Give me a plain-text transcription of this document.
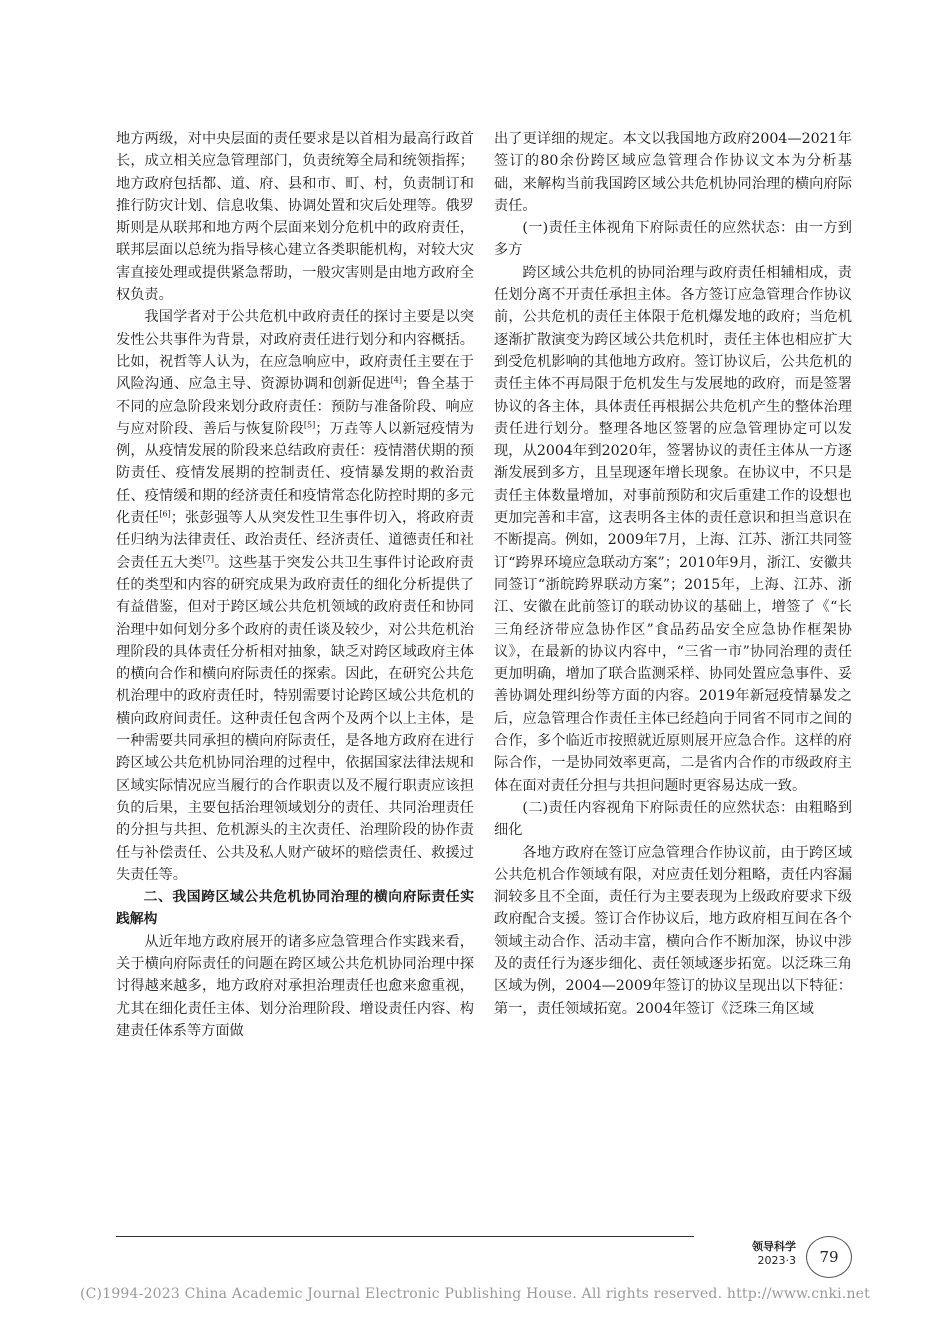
地方两级，对中央层面的责任要求是以首相为最高行政首长，成立相关应急管理部门，负责统筹全局和统领指挥；地方政府包括都、道、府、县和市、町、村，负责制订和推行防灾计划、信息收集、协调处置和灾后处理等。俄罗斯则是从联邦和地方两个层面来划分危机中的政府责任，联邦层面以总统为指导核心建立各类职能机构，对较大灾害直接处理或提供紧急帮助，一般灾害则是由地方政府全权负责。

我国学者对于公共危机中政府责任的探讨主要是以突发性公共事件为背景，对政府责任进行划分和内容概括。比如，祝哲等人认为，在应急响应中，政府责任主要在于风险沟通、应急主导、资源协调和创新促进[4]；鲁全基于不同的应急阶段来划分政府责任：预防与准备阶段、响应与应对阶段、善后与恢复阶段[5]；万垚等人以新冠疫情为例，从疫情发展的阶段来总结政府责任：疫情潜伏期的预防责任、疫情发展期的控制责任、疫情暴发期的救治责任、疫情缓和期的经济责任和疫情常态化防控时期的多元化责任[6]；张彭强等人从突发性卫生事件切入，将政府责任归纳为法律责任、政治责任、经济责任、道德责任和社会责任五大类[7]。这些基于突发公共卫生事件讨论政府责任的类型和内容的研究成果为政府责任的细化分析提供了有益借鉴，但对于跨区域公共危机领域的政府责任和协同治理中如何划分多个政府的责任谈及较少，对公共危机治理阶段的具体责任分析相对抽象，缺乏对跨区域政府主体的横向合作和横向府际责任的探索。因此，在研究公共危机治理中的政府责任时，特别需要讨论跨区域公共危机的横向政府间责任。这种责任包含两个及两个以上主体，是一种需要共同承担的横向府际责任，是各地方政府在进行跨区域公共危机协同治理的过程中，依据国家法律法规和区域实际情况应当履行的合作职责以及不履行职责应该担负的后果，主要包括治理领域划分的责任、共同治理责任的分担与共担、危机源头的主次责任、治理阶段的协作责任与补偿责任、公共及私人财产破坏的赔偿责任、救援过失责任等。

二、我国跨区域公共危机协同治理的横向府际责任实践解构

从近年地方政府展开的诸多应急管理合作实践来看，关于横向府际责任的问题在跨区域公共危机协同治理中探讨得越来越多，地方政府对承担治理责任也愈来愈重视，尤其在细化责任主体、划分治理阶段、增设责任内容、构建责任体系等方面做

出了更详细的规定。本文以我国地方政府2004—2021年签订的80余份跨区域应急管理合作协议文本为分析基础，来解构当前我国跨区域公共危机协同治理的横向府际责任。

(一)责任主体视角下府际责任的应然状态：由一方到多方

跨区域公共危机的协同治理与政府责任相辅相成，责任划分离不开责任承担主体。各方签订应急管理合作协议前，公共危机的责任主体限于危机爆发地的政府；当危机逐渐扩散演变为跨区域公共危机时，责任主体也相应扩大到受危机影响的其他地方政府。签订协议后，公共危机的责任主体不再局限于危机发生与发展地的政府，而是签署协议的各主体，具体责任再根据公共危机产生的整体治理责任进行划分。整理各地区签署的应急管理协定可以发现，从2004年到2020年，签署协议的责任主体从一方逐渐发展到多方，且呈现逐年增长现象。在协议中，不只是责任主体数量增加，对事前预防和灾后重建工作的设想也更加完善和丰富，这表明各主体的责任意识和担当意识在不断提高。例如，2009年7月，上海、江苏、浙江共同签订“跨界环境应急联动方案”；2010年9月，浙江、安徽共同签订“浙皖跨界联动方案”；2015年，上海、江苏、浙江、安徽在此前签订的联动协议的基础上，增签了《“长三角经济带应急协作区”食品药品安全应急协作框架协议》，在最新的协议内容中，“三省一市”协同治理的责任更加明确，增加了联合监测采样、协同处置应急事件、妥善协调处理纠纷等方面的内容。2019年新冠疫情暴发之后，应急管理合作责任主体已经趋向于同省不同市之间的合作，多个临近市按照就近原则展开应急合作。这样的府际合作，一是协同效率更高，二是省内合作的市级政府主体在面对责任分担与共担问题时更容易达成一致。

(二)责任内容视角下府际责任的应然状态：由粗略到细化

各地方政府在签订应急管理合作协议前，由于跨区域公共危机合作领域有限，对应责任划分粗略，责任内容漏洞较多且不全面，责任行为主要表现为上级政府要求下级政府配合支援。签订合作协议后，地方政府相互间在各个领域主动合作、活动丰富，横向合作不断加深，协议中涉及的责任行为逐步细化、责任领域逐步拓宽。以泛珠三角区域为例，2004—2009年签订的协议呈现出以下特征：第一，责任领域拓宽。2004年签订《泛珠三角区域

领导科学
2023·3	79
(C)1994-2023 China Academic Journal Electronic Publishing House. All rights reserved. http://www.cnki.net
